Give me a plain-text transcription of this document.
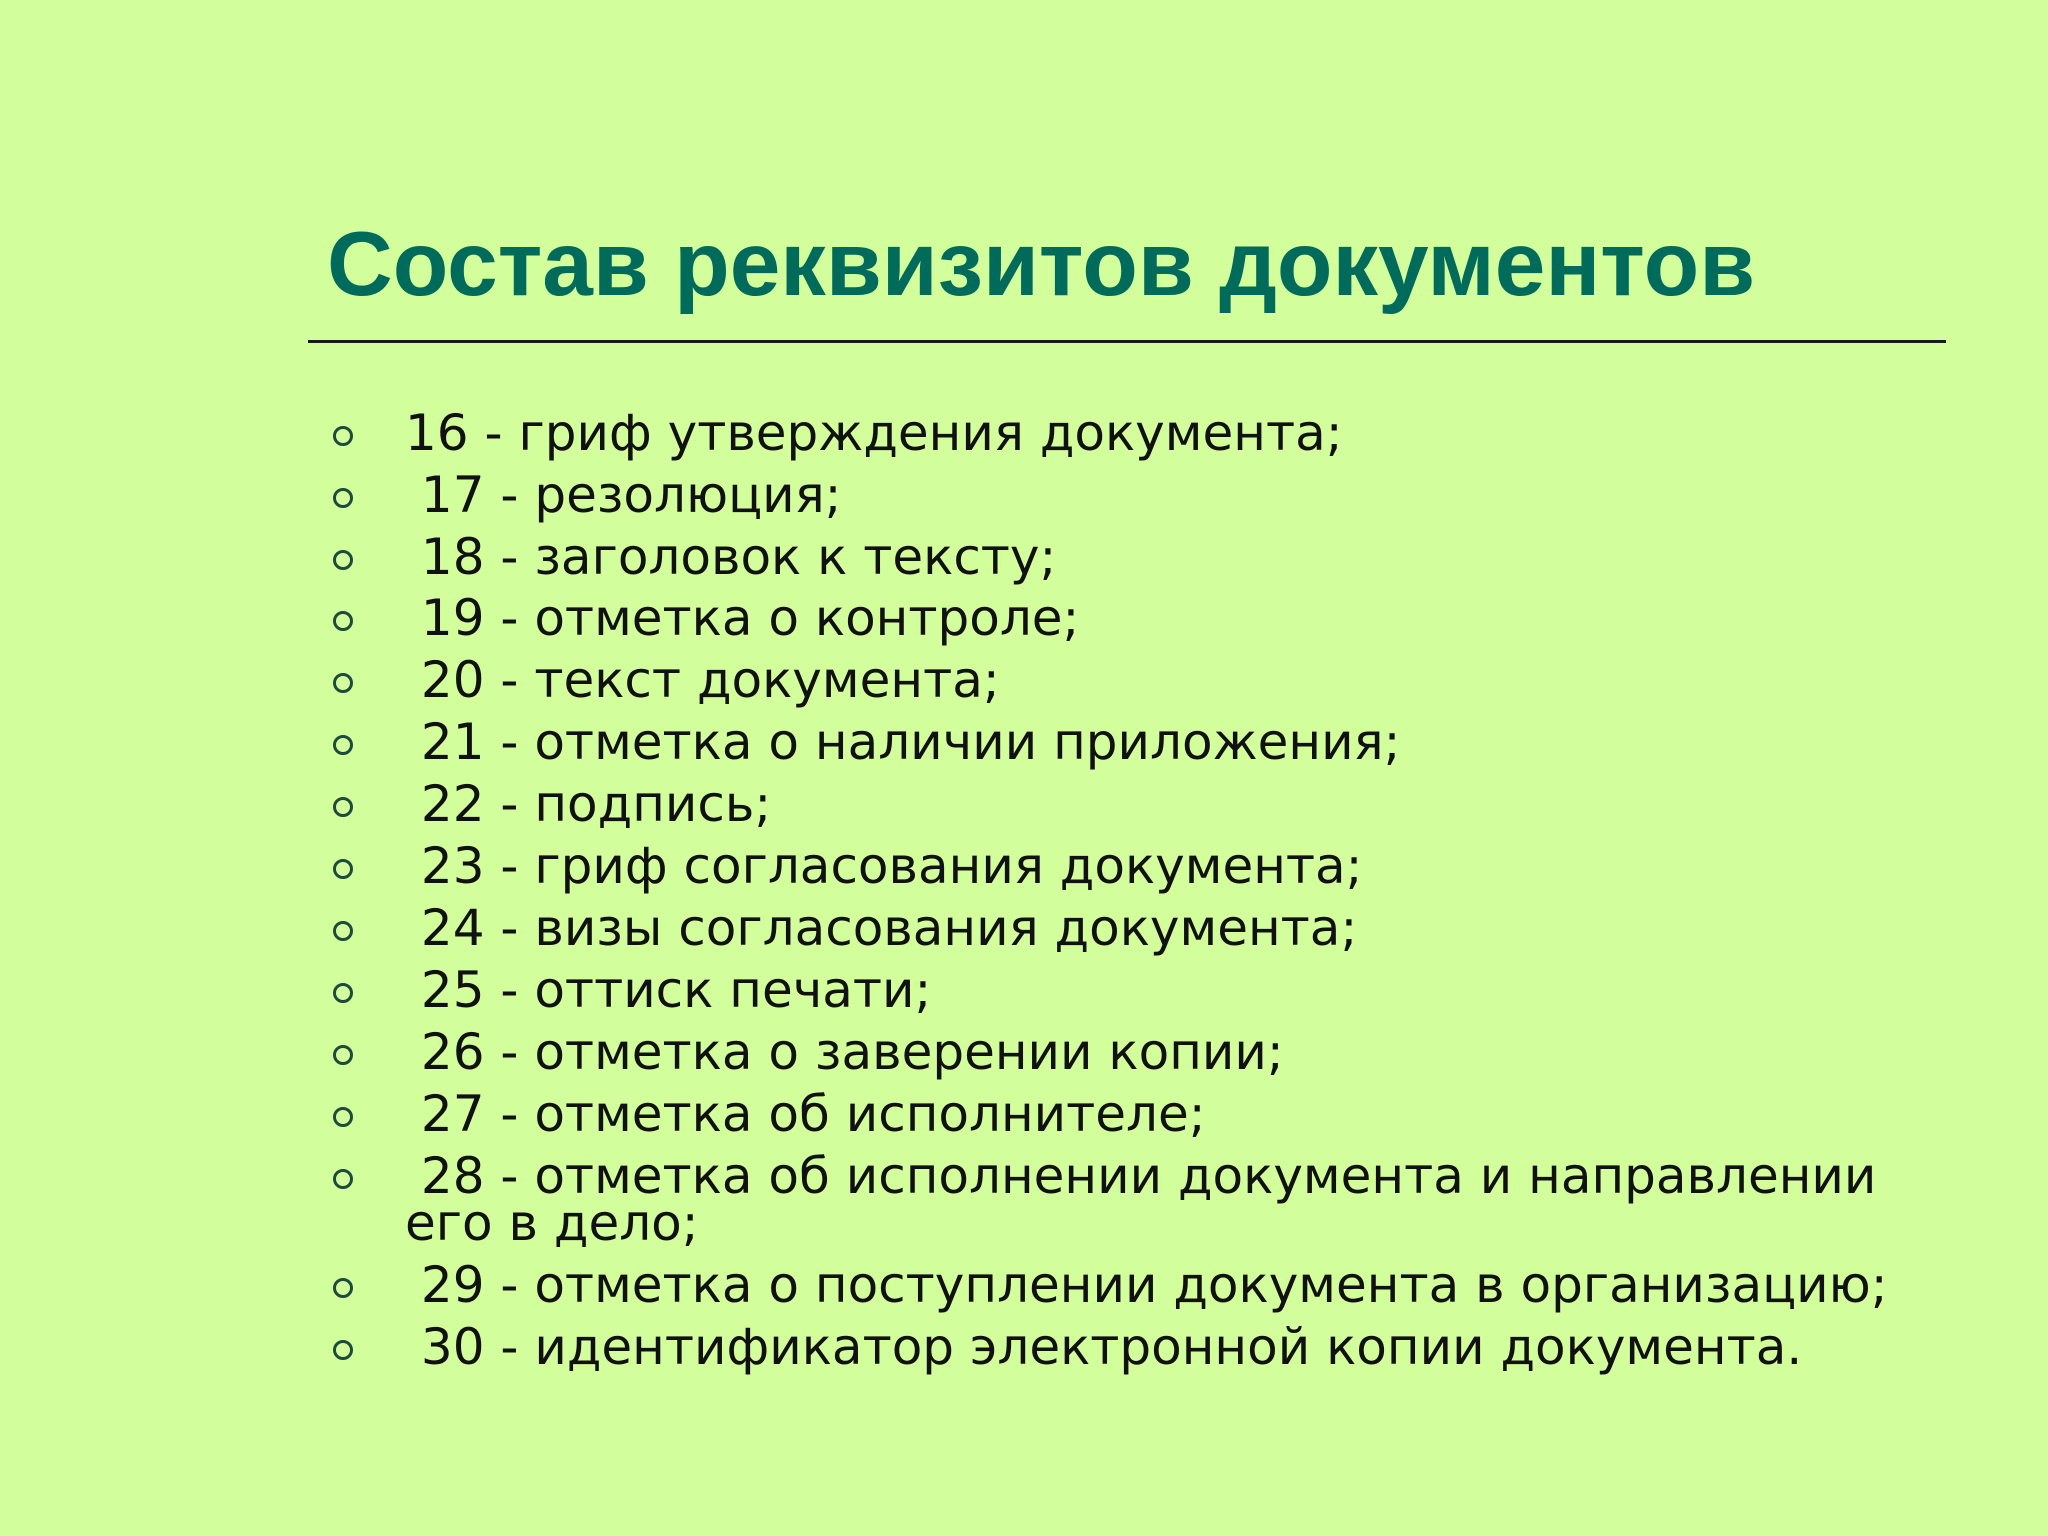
Состав реквизитов документов

16 - гриф утверждения документа;

17 - резолюция;

18 - заголовок к тексту;

19 - отметка о контроле;

20 - текст документа;

21 - отметка о наличии приложения;

22 - подпись;

23 - гриф согласования документа;

24 - визы согласования документа;

25 - оттиск печати;

26 - отметка о заверении копии;

27 - отметка об исполнителе;

28 - отметка об исполнении документа и направлении
его в дело;

29 - отметка о поступлении документа в организацию;

30 - идентификатор электронной копии документа.
